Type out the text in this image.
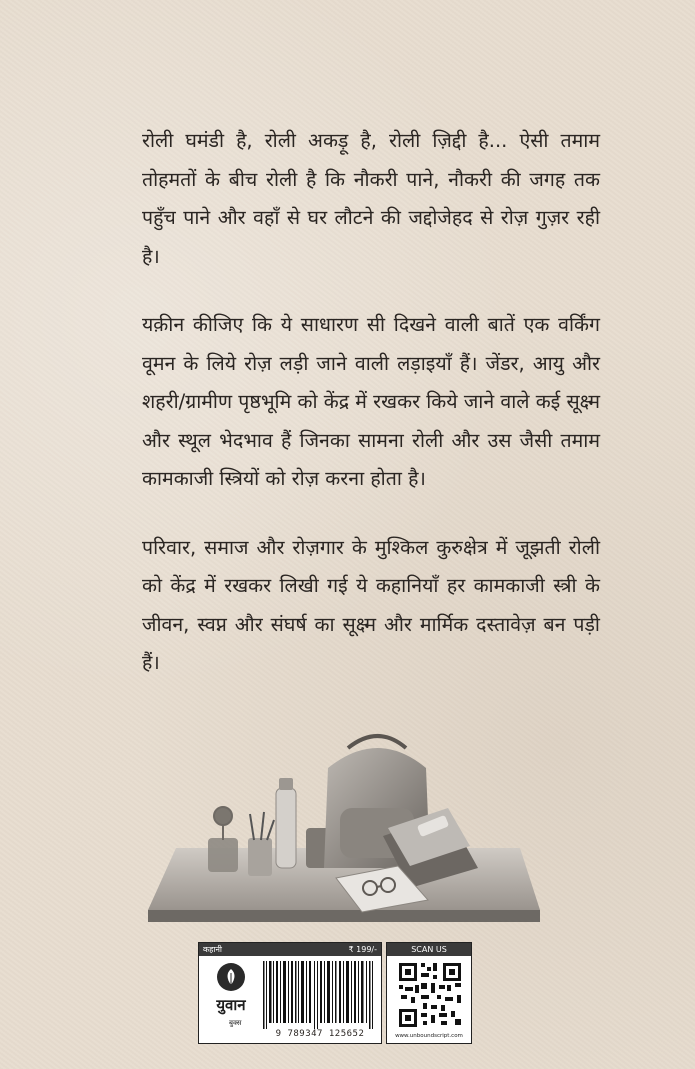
रोली घमंडी है, रोली अकड़ू है, रोली ज़िद्दी है... ऐसी तमाम तोहमतों के बीच रोली है कि नौकरी पाने, नौकरी की जगह तक पहुँच पाने और वहाँ से घर लौटने की जद्दोजेहद से रोज़ गुज़र रही है।

यक़ीन कीजिए कि ये साधारण सी दिखने वाली बातें एक वर्किंग वूमन के लिये रोज़ लड़ी जाने वाली लड़ाइयाँ हैं। जेंडर, आयु और शहरी/ग्रामीण पृष्ठभूमि को केंद्र में रखकर किये जाने वाले कई सूक्ष्म और स्थूल भेदभाव हैं जिनका सामना रोली और उस जैसी तमाम कामकाजी स्त्रियों को रोज़ करना होता है।

परिवार, समाज और रोज़गार के मुश्किल कुरुक्षेत्र में जूझती रोली को केंद्र में रखकर लिखी गई ये कहानियाँ हर कामकाजी स्त्री के जीवन, स्वप्न और संघर्ष का सूक्ष्म और मार्मिक दस्तावेज़ बन पड़ी हैं।

कहानी	₹ 199/-
युवान
बुक्स
9 789347 125652
SCAN US
www.unboundscript.com
